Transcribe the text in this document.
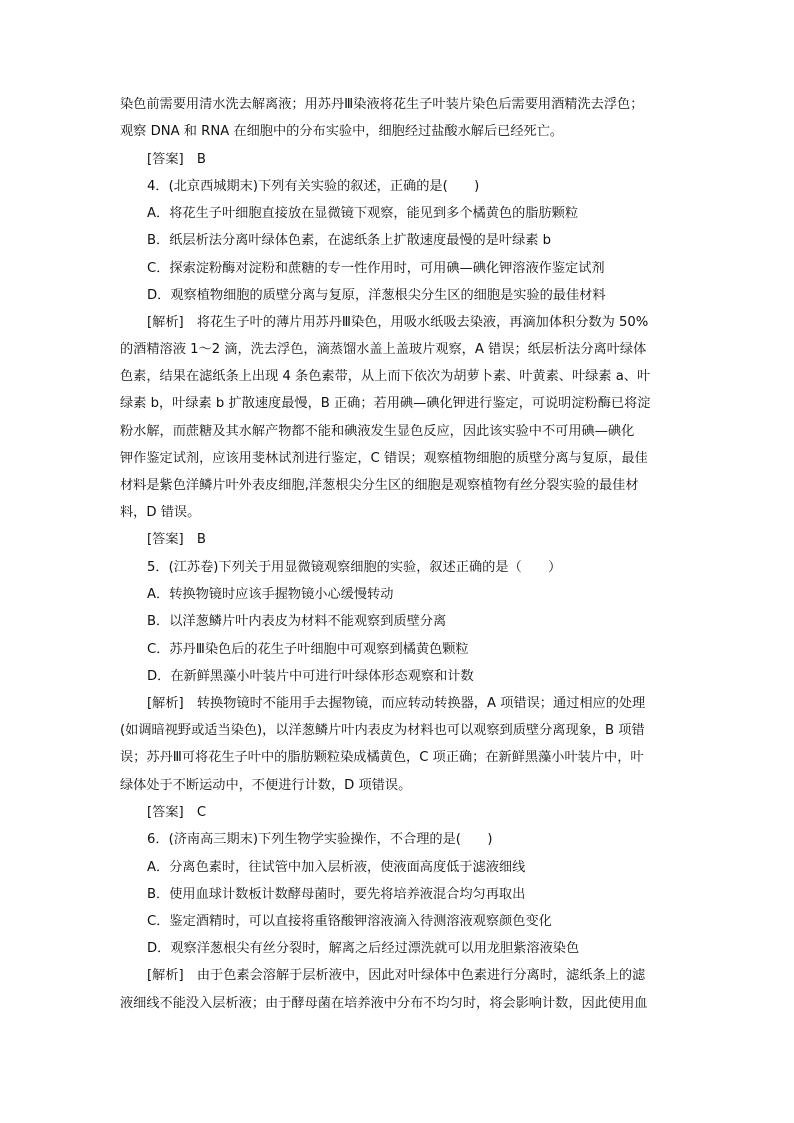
染色前需要用清水洗去解离液；用苏丹Ⅲ染液将花生子叶装片染色后需要用酒精洗去浮色；
观察 DNA 和 RNA 在细胞中的分布实验中，细胞经过盐酸水解后已经死亡。
[答案]　B
4．(北京西城期末)下列有关实验的叙述，正确的是(　　)
A．将花生子叶细胞直接放在显微镜下观察，能见到多个橘黄色的脂肪颗粒
B．纸层析法分离叶绿体色素，在滤纸条上扩散速度最慢的是叶绿素 b
C．探索淀粉酶对淀粉和蔗糖的专一性作用时，可用碘—碘化钾溶液作鉴定试剂
D．观察植物细胞的质壁分离与复原，洋葱根尖分生区的细胞是实验的最佳材料
[解析]　将花生子叶的薄片用苏丹Ⅲ染色，用吸水纸吸去染液，再滴加体积分数为 50%
的酒精溶液 1～2 滴，洗去浮色，滴蒸馏水盖上盖玻片观察，A 错误；纸层析法分离叶绿体
色素，结果在滤纸条上出现 4 条色素带，从上而下依次为胡萝卜素、叶黄素、叶绿素 a、叶
绿素 b，叶绿素 b 扩散速度最慢，B 正确；若用碘—碘化钾进行鉴定，可说明淀粉酶已将淀
粉水解，而蔗糖及其水解产物都不能和碘液发生显色反应，因此该实验中不可用碘—碘化
钾作鉴定试剂，应该用斐林试剂进行鉴定，C 错误；观察植物细胞的质壁分离与复原，最佳
材料是紫色洋鳞片叶外表皮细胞,洋葱根尖分生区的细胞是观察植物有丝分裂实验的最佳材
料，D 错误。
[答案]　B
5．(江苏卷)下列关于用显微镜观察细胞的实验，叙述正确的是（　　）
A．转换物镜时应该手握物镜小心缓慢转动
B．以洋葱鳞片叶内表皮为材料不能观察到质壁分离
C．苏丹Ⅲ染色后的花生子叶细胞中可观察到橘黄色颗粒
D．在新鲜黑藻小叶装片中可进行叶绿体形态观察和计数
[解析]　转换物镜时不能用手去握物镜，而应转动转换器，A 项错误；通过相应的处理
(如调暗视野或适当染色)，以洋葱鳞片叶内表皮为材料也可以观察到质壁分离现象，B 项错
误；苏丹Ⅲ可将花生子叶中的脂肪颗粒染成橘黄色，C 项正确；在新鲜黑藻小叶装片中，叶
绿体处于不断运动中，不便进行计数，D 项错误。
[答案]　C
6．(济南高三期末)下列生物学实验操作，不合理的是(　　)
A．分离色素时，往试管中加入层析液，使液面高度低于滤液细线
B．使用血球计数板计数酵母菌时，要先将培养液混合均匀再取出
C．鉴定酒精时，可以直接将重铬酸钾溶液滴入待测溶液观察颜色变化
D．观察洋葱根尖有丝分裂时，解离之后经过漂洗就可以用龙胆紫溶液染色
[解析]　由于色素会溶解于层析液中，因此对叶绿体中色素进行分离时，滤纸条上的滤
液细线不能没入层析液；由于酵母菌在培养液中分布不均匀时，将会影响计数，因此使用血
